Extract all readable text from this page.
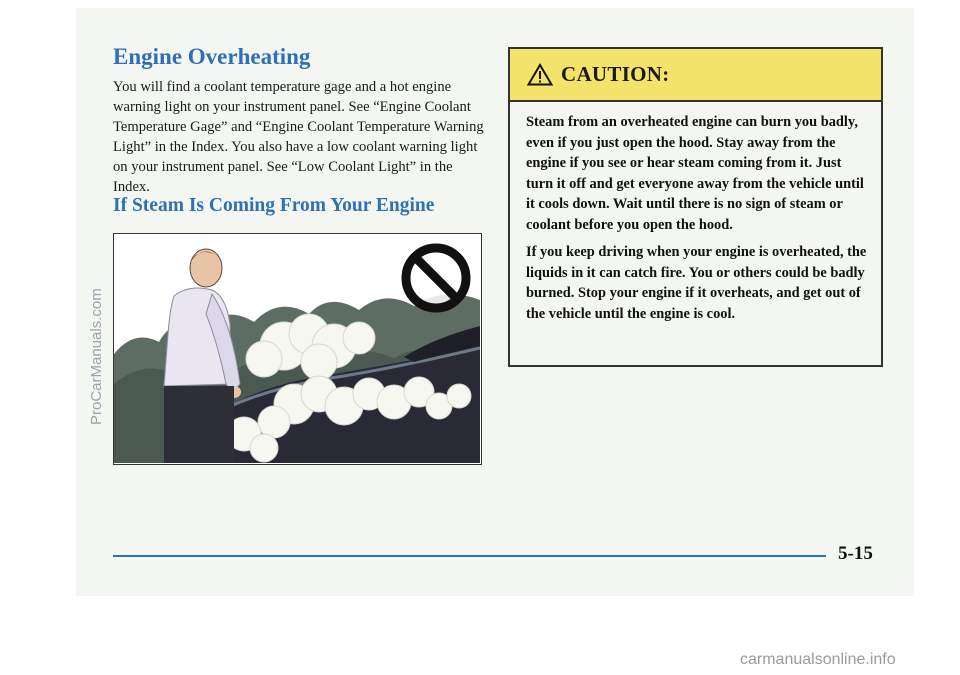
Engine Overheating

You will find a coolant temperature gage and a hot engine warning light on your instrument panel. See “Engine Coolant Temperature Gage” and “Engine Coolant Temperature Warning Light” in the Index. You also have a low coolant warning light on your instrument panel. See “Low Coolant Light” in the Index.

If Steam Is Coming From Your Engine
CAUTION:

Steam from an overheated engine can burn you badly, even if you just open the hood. Stay away from the engine if you see or hear steam coming from it. Just turn it off and get everyone away from the vehicle until it cools down. Wait until there is no sign of steam or coolant before you open the hood.

If you keep driving when your engine is overheated, the liquids in it can catch fire. You or others could be badly burned. Stop your engine if it overheats, and get out of the vehicle until the engine is cool.

5-15

ProCarManuals.com
carmanualsonline.info
